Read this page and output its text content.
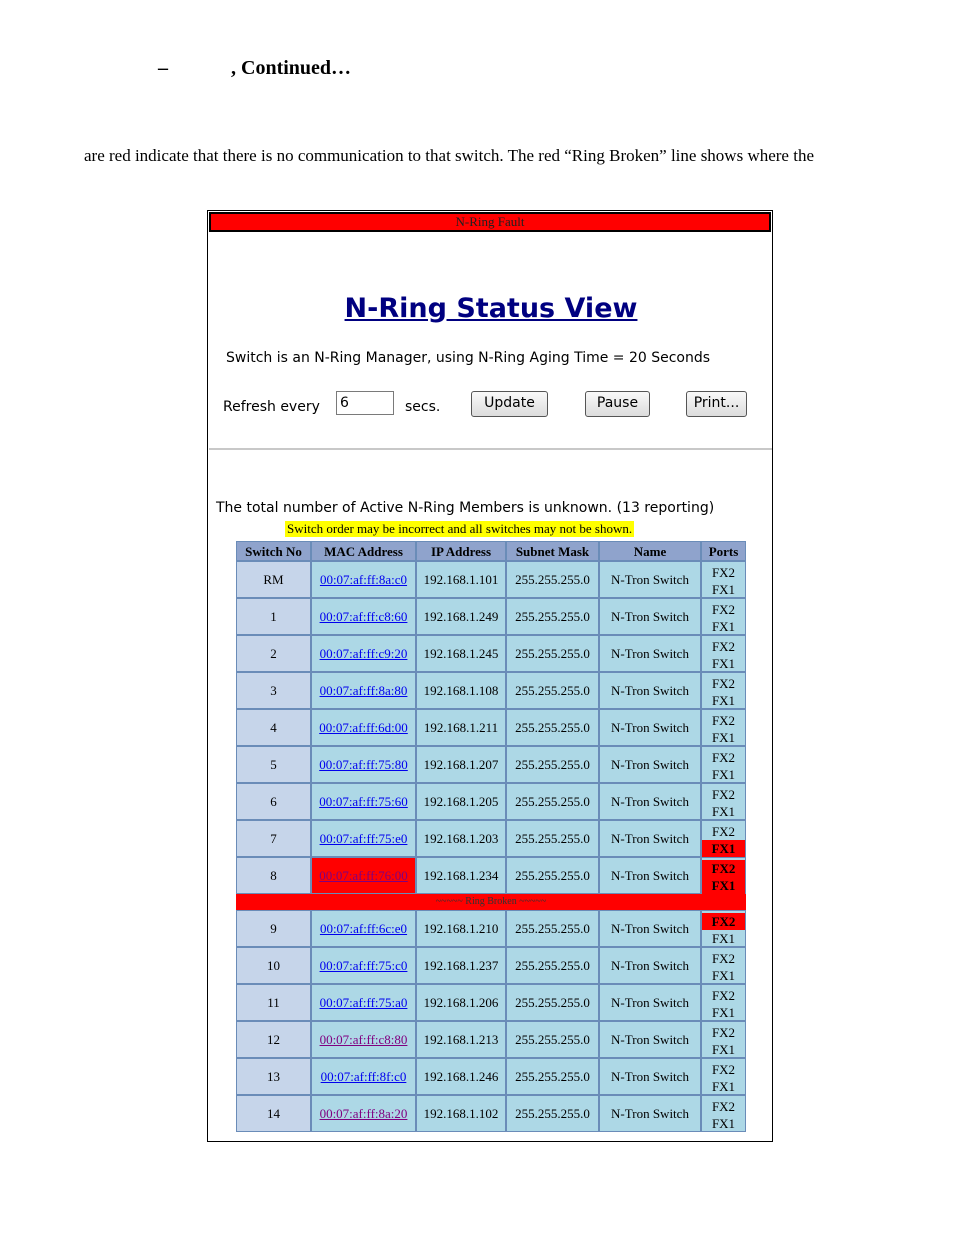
–	, Continued…
are red indicate that there is no communication to that switch. The red “Ring Broken” line shows where the
N-Ring Fault
N-Ring Status View
Switch is an N-Ring Manager, using N-Ring Aging Time = 20 Seconds
Refresh every
6	secs.	Update	Pause	Print...
The total number of Active N-Ring Members is unknown. (13 reporting)
Switch order may be incorrect and all switches may not be shown.
Switch No	MAC Address	IP Address	Subnet Mask	Name	Ports
RM	00:07:af:ff:8a:c0	192.168.1.101	255.255.255.0	N-Tron Switch	FX2
FX1
1	00:07:af:ff:c8:60	192.168.1.249	255.255.255.0	N-Tron Switch	FX2
FX1
2	00:07:af:ff:c9:20	192.168.1.245	255.255.255.0	N-Tron Switch	FX2
FX1
3	00:07:af:ff:8a:80	192.168.1.108	255.255.255.0	N-Tron Switch	FX2
FX1
4	00:07:af:ff:6d:00	192.168.1.211	255.255.255.0	N-Tron Switch	FX2
FX1
5	00:07:af:ff:75:80	192.168.1.207	255.255.255.0	N-Tron Switch	FX2
FX1
6	00:07:af:ff:75:60	192.168.1.205	255.255.255.0	N-Tron Switch	FX2
FX1
7	00:07:af:ff:75:e0	192.168.1.203	255.255.255.0	N-Tron Switch	FX2
FX1
8	00:07:af:ff:76:00	192.168.1.234	255.255.255.0	N-Tron Switch	FX2
FX1
~~~~~ Ring Broken ~~~~~
9	00:07:af:ff:6c:e0	192.168.1.210	255.255.255.0	N-Tron Switch	FX2
FX1
10	00:07:af:ff:75:c0	192.168.1.237	255.255.255.0	N-Tron Switch	FX2
FX1
11	00:07:af:ff:75:a0	192.168.1.206	255.255.255.0	N-Tron Switch	FX2
FX1
12	00:07:af:ff:c8:80	192.168.1.213	255.255.255.0	N-Tron Switch	FX2
FX1
13	00:07:af:ff:8f:c0	192.168.1.246	255.255.255.0	N-Tron Switch	FX2
FX1
14	00:07:af:ff:8a:20	192.168.1.102	255.255.255.0	N-Tron Switch	FX2
FX1
